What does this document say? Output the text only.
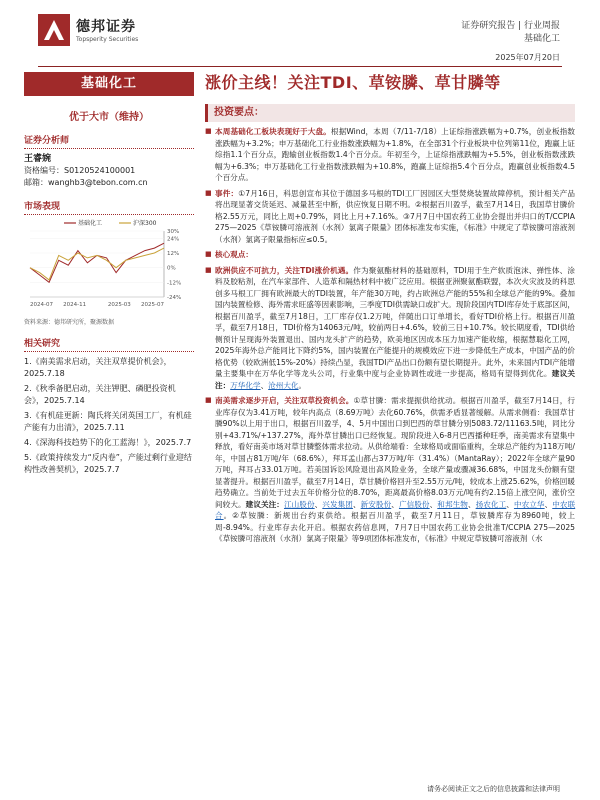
德邦证券
Topsperity Securities
证券研究报告 | 行业周报
基础化工
2025年07月20日
基础化工
优于大市（维持）
证券分析师
王睿婉
资格编号：S0120524100001
邮箱：wanghb3@tebon.com.cn
市场表现
-24%
-12%
0%
12%
24%
30%
2024-07 2024-11	2025-03 2025-07
基础化工	沪深300
资料来源：德邦研究所，聚源数据
相关研究
1.《南美需求启动，关注双草提价机会》，2025.7.18
2.《秋季备肥启动，关注钾肥、磷肥投资机会》，2025.7.14
3.《有机硅更新：陶氏将关闭英国工厂，有机硅产能有力出清》，2025.7.11
4.《深海科技趋势下的化工蓝海！》，2025.7.7
5.《政策持续发力“反内卷”，产能过剩行业迎结构性改善契机》，2025.7.7
涨价主线！关注TDI、草铵膦、草甘膦等
投资要点：
■ 本周基础化工板块表现好于大盘。根据Wind，本周（7/11-7/18）上证综指涨跌幅为+0.7%，创业板指数涨跌幅为+3.2%；申万基础化工行业指数涨跌幅为+1.8%，在全部31个行业板块中位列第11位，跑赢上证综指1.1个百分点，跑输创业板指数1.4个百分点。年初至今，上证综指涨跌幅为+5.5%，创业板指数涨跌幅为+6.3%；申万基础化工行业指数涨跌幅为+10.8%，跑赢上证综指5.4个百分点，跑赢创业板指数4.5个百分点。
■ 事件：①7月16日，科思创宣布其位于德国多马根的TDI工厂因园区大型焚烧装置故障停机，预计相关产品将出现显著交货延迟、减量甚至中断，供应恢复日期不明。②根据百川盈孚，截至7月14日，我国草甘膦价格2.55万元，同比上周+0.79%，同比上月+7.16%。③7月7日中国农药工业协会提出并归口的T/CCPIA 275—2025《草铵膦可溶液剂（水剂）氯离子限量》团体标准发布实施，《标准》中规定了草铵膦可溶液剂（水剂）氯离子限量指标应≤0.5。
■ 核心观点：
■ 欧洲供应不可抗力，关注TDI涨价机遇。作为聚氨酯材料的基础原料，TDI用于生产软质泡沫、弹性体、涂料及胶粘剂，在汽车家部件、人造革和隔热材料中被广泛应用。根据亚洲聚氨酯联盟，本次火灾波及的科思创多马根工厂拥有欧洲最大的TDI装置，年产能30万吨，约占欧洲总产能的55%和全球总产能的9%。叠加国内装置检修、海外需求旺盛等因素影响，三季度TDI供需缺口或扩大。现阶段国内TDI库存处于底部区间，根据百川盈孚，截至7月18日，工厂库存仅1.2万吨，伴随出口订单增长，看好TDI价格上行。根据百川盈孚，截至7月18日，TDI价格为14063元/吨，较前两日+4.6%，较前三日+10.7%。较长期度看，TDI供给侧预计呈现海外装置退出、国内龙头扩产的趋势，欧美地区因成本压力加速产能收缩，根据慧聪化工网，2025年海外总产能同比下降约5%，国内装置在产能提升的规模效应下进一步降低生产成本，中国产品的价格优势（较欧洲低15%-20%）持续凸显，我国TDI产品出口份额有望长期提升。此外，未来国内TDI产能增量主要集中在万华化学等龙头公司，行业集中度与企业协调性或进一步提高，格局有望得到优化。建议关注：万华化学、沧州大化。
■ 南美需求逐步开启，关注双草投资机会。①草甘膦：需求提振供给扰动。根据百川盈孚，截至7月14日，行业库存仅为3.41万吨，较年内高点（8.69万吨）去化60.76%，供需矛盾显著缓解。从需求侧看：我国草甘膦90%以上用于出口，根据百川盈孚，4、5月中国出口到巴西的草甘膦分别5083.72/11163.5吨，同比分别+43.71%/+137.27%，海外草甘膦出口已经恢复。现阶段进入6-8月巴西播种旺季，南美需求有望集中释放，看好南美市场对草甘膦整体需求拉动。从供给端看：全球格局或面临重构，全球总产能约为118万吨/年，中国占81万吨/年（68.6%），拜耳孟山都占37万吨/年（31.4%）（MantaRay）；2022年全球产量90万吨，拜耳占33.01万吨。若美国诉讼风险退出高风险业务，全球产量或骤减36.68%，中国龙头份额有望显著提升。根据百川盈孚，截至7月14日，草甘膦价格回升至2.55万元/吨，较成本上涨25.62%，价格回暖趋势确立。当前处于过去五年价格分位的8.70%，距离最高价格8.03万元/吨有约2.15倍上涨空间，涨价空间较大。建议关注：江山股份、兴发集团、新安股份、广信股份、和邦生物、扬农化工、中农立华、中农联合。②草铵膦：新规出台约束供给。根据百川盈孚，截至7月11日，草铵膦库存为8960吨，较上周-8.94%。行业库存去化开启。根据农药信息网，7月7日中国农药工业协会批准T/CCPIA 275—2025《草铵膦可溶液剂（水剂）氯离子限量》等9项团体标准发布，《标准》中规定草铵膦可溶液剂（水
请务必阅读正文之后的信息披露和法律声明
